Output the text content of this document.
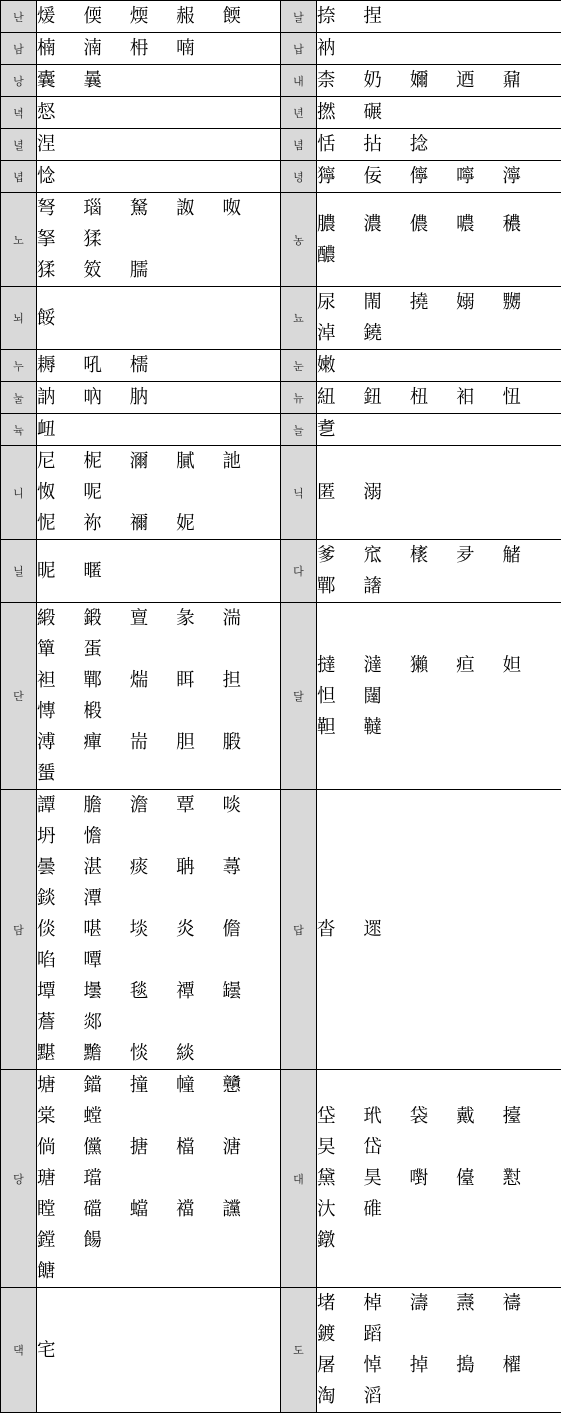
난	煖 偄 煗 赧 餪	날	捺 捏

남	楠 湳 枏 喃	납	衲

낭	囊 曩	내	柰 奶 嬭 迺 鼐

녁	惄	년	撚 碾

녈	涅	념	恬 拈 捻

녑	惗	녕	獰 佞 儜 嚀 濘

노	弩 瑙 駑 詉 呶 拏 猱
猱 笯 臑	농	膿 濃 儂 噥 穠 醲

뇌	餒	뇨	尿 閙 撓 嫋 嬲 淖 鐃

누	耨 吼 檽	눈	嫩

눌	訥 吶 肭	뉴	紐 鈕 杻 衵 忸

뉵	衄	늘	乽

니	尼 柅 濔 膩 訑 怓 呢
怩 祢 禰 妮	닉	匿 溺

닐	昵 暱	다	爹 窊 橠 夛 觰 鄲 譇

단	緞 鍛 亶 彖 湍 簞 蛋
袒 鄲 煓 眲 担 慱 椴
溥 癉 耑 胆 腶 蜑	달	撻 澾 獺 疸 妲 怛 闥
靼 韃

담	譚 膽 澹 覃 啖 坍 憺
曇 湛 痰 聃 蕁 錟 潭
倓 啿 埮 炎 儋 啗 嘾
墰 壜 毯 禫 罎 薝 郯
黮 黵 惔 緂	답	沓 遝

당	塘 鐺 撞 幢 戇 棠 螳
倘 儻 搪 檔 溏 瑭 璫
瞠 礑 蟷 襠 讜 鏜 餳
餹	대	垈 玳 袋 戴 擡 旲 岱
黛 昊 嚉 儓 懟 汏 碓
鐓

댁	宅	도	堵 棹 濤 燾 禱 鍍 蹈
屠 悼 掉 搗 櫂 淘 滔
